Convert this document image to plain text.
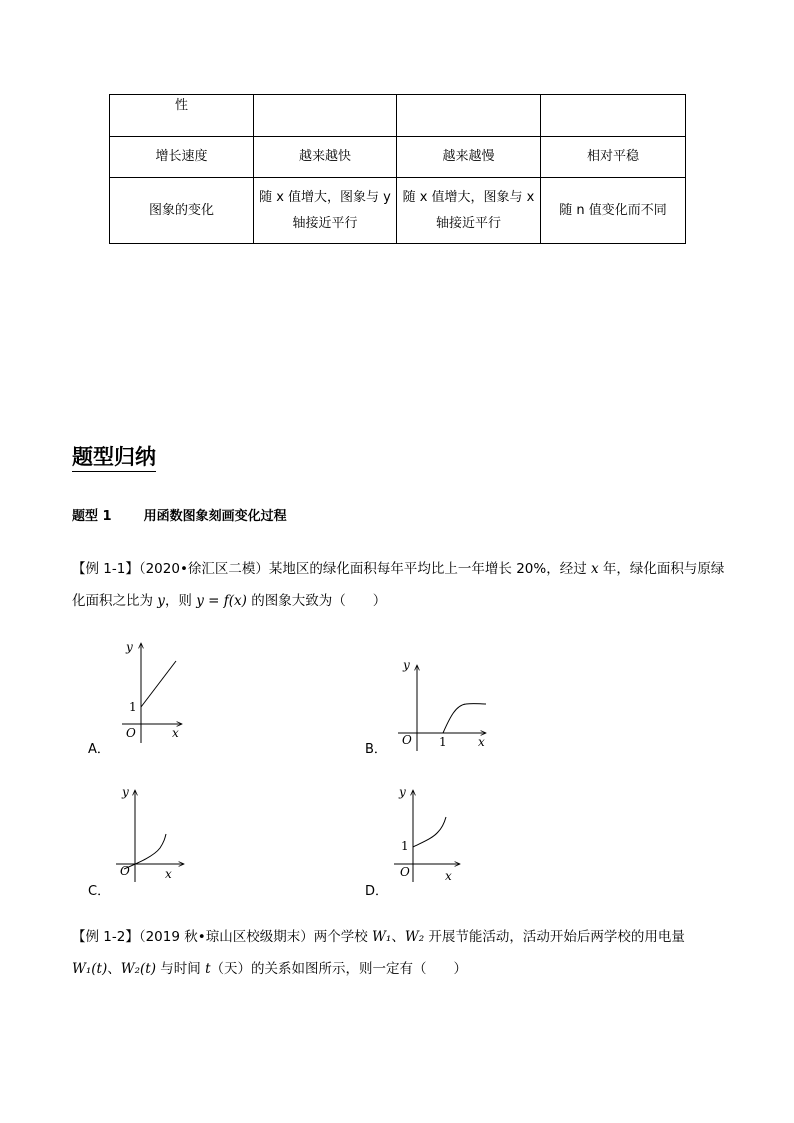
性			
增长速度	越来越快	越来越慢	相对平稳
图象的变化	随 x 值增大，图象与 y 轴接近平行	随 x 值增大，图象与 x 轴接近平行	随 n 值变化而不同
题型归纳
题型 1 用函数图象刻画变化过程
【例 1-1】（2020•徐汇区二模）某地区的绿化面积每年平均比上一年增长 20%，经过 x 年，绿化面积与原绿化面积之比为 y，则 y = f(x) 的图象大致为（　　）
y
x
O
1
A．
y
x
O 1
B．
y
x
O
C．
y
x
O
1
D．
【例 1-2】（2019 秋•琼山区校级期末）两个学校 W₁、W₂ 开展节能活动，活动开始后两学校的用电量 W₁(t)、W₂(t) 与时间 t（天）的关系如图所示，则一定有（　　）
